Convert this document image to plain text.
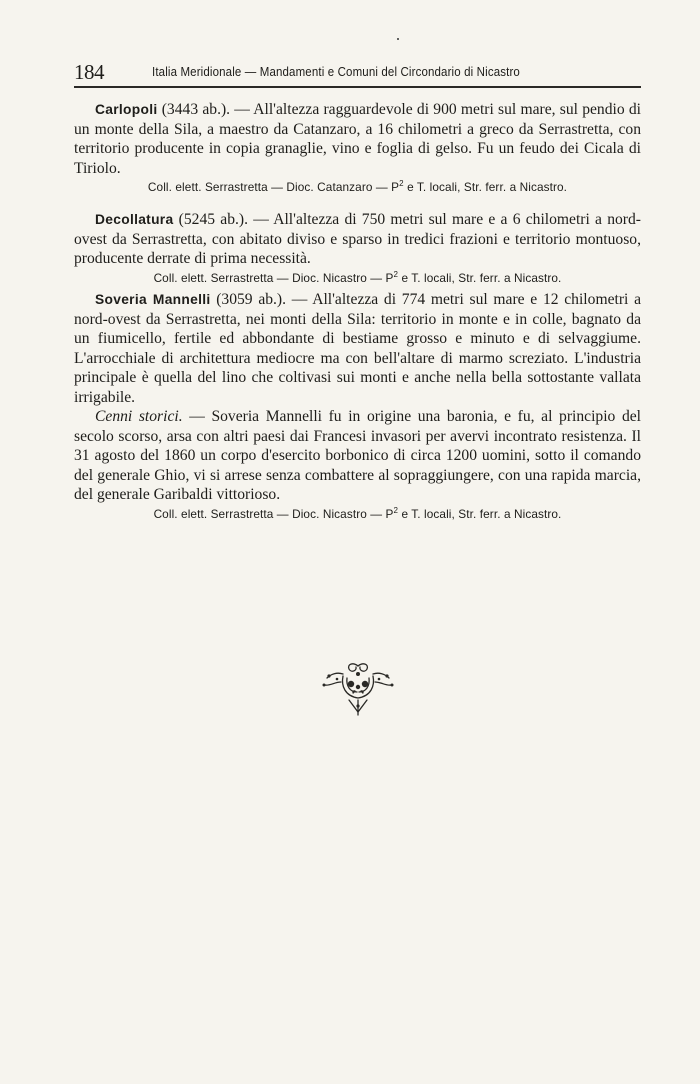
184	Italia Meridionale — Mandamenti e Comuni del Circondario di Nicastro

Carlopoli (3443 ab.). — All'altezza ragguardevole di 900 metri sul mare, sul pendio di un monte della Sila, a maestro da Catanzaro, a 16 chilometri a greco da Serrastretta, con territorio producente in copia granaglie, vino e foglia di gelso. Fu un feudo dei Cicala di Tiriolo.

Coll. elett. Serrastretta — Dioc. Catanzaro — $P^2$ e T. locali, Str. ferr. a Nicastro.

Decollatura (5245 ab.). — All'altezza di 750 metri sul mare e a 6 chilometri a nord-ovest da Serrastretta, con abitato diviso e sparso in tredici frazioni e territorio montuoso, producente derrate di prima necessità.

Coll. elett. Serrastretta — Dioc. Nicastro — $P^2$ e T. locali, Str. ferr. a Nicastro.

Soveria Mannelli (3059 ab.). — All'altezza di 774 metri sul mare e 12 chilometri a nord-ovest da Serrastretta, nei monti della Sila: territorio in monte e in colle, bagnato da un fiumicello, fertile ed abbondante di bestiame grosso e minuto e di selvaggiume. L'arrocchiale di architettura mediocre ma con bell'altare di marmo screziato. L'industria principale è quella del lino che coltivasi sui monti e anche nella bella sottostante vallata irrigabile.

Cenni storici. — Soveria Mannelli fu in origine una baronia, e fu, al principio del secolo scorso, arsa con altri paesi dai Francesi invasori per avervi incontrato resistenza. Il 31 agosto del 1860 un corpo d'esercito borbonico di circa 1200 uomini, sotto il comando del generale Ghio, vi si arrese senza combattere al sopraggiungere, con una rapida marcia, del generale Garibaldi vittorioso.

Coll. elett. Serrastretta — Dioc. Nicastro — $P^2$ e T. locali, Str. ferr. a Nicastro.
